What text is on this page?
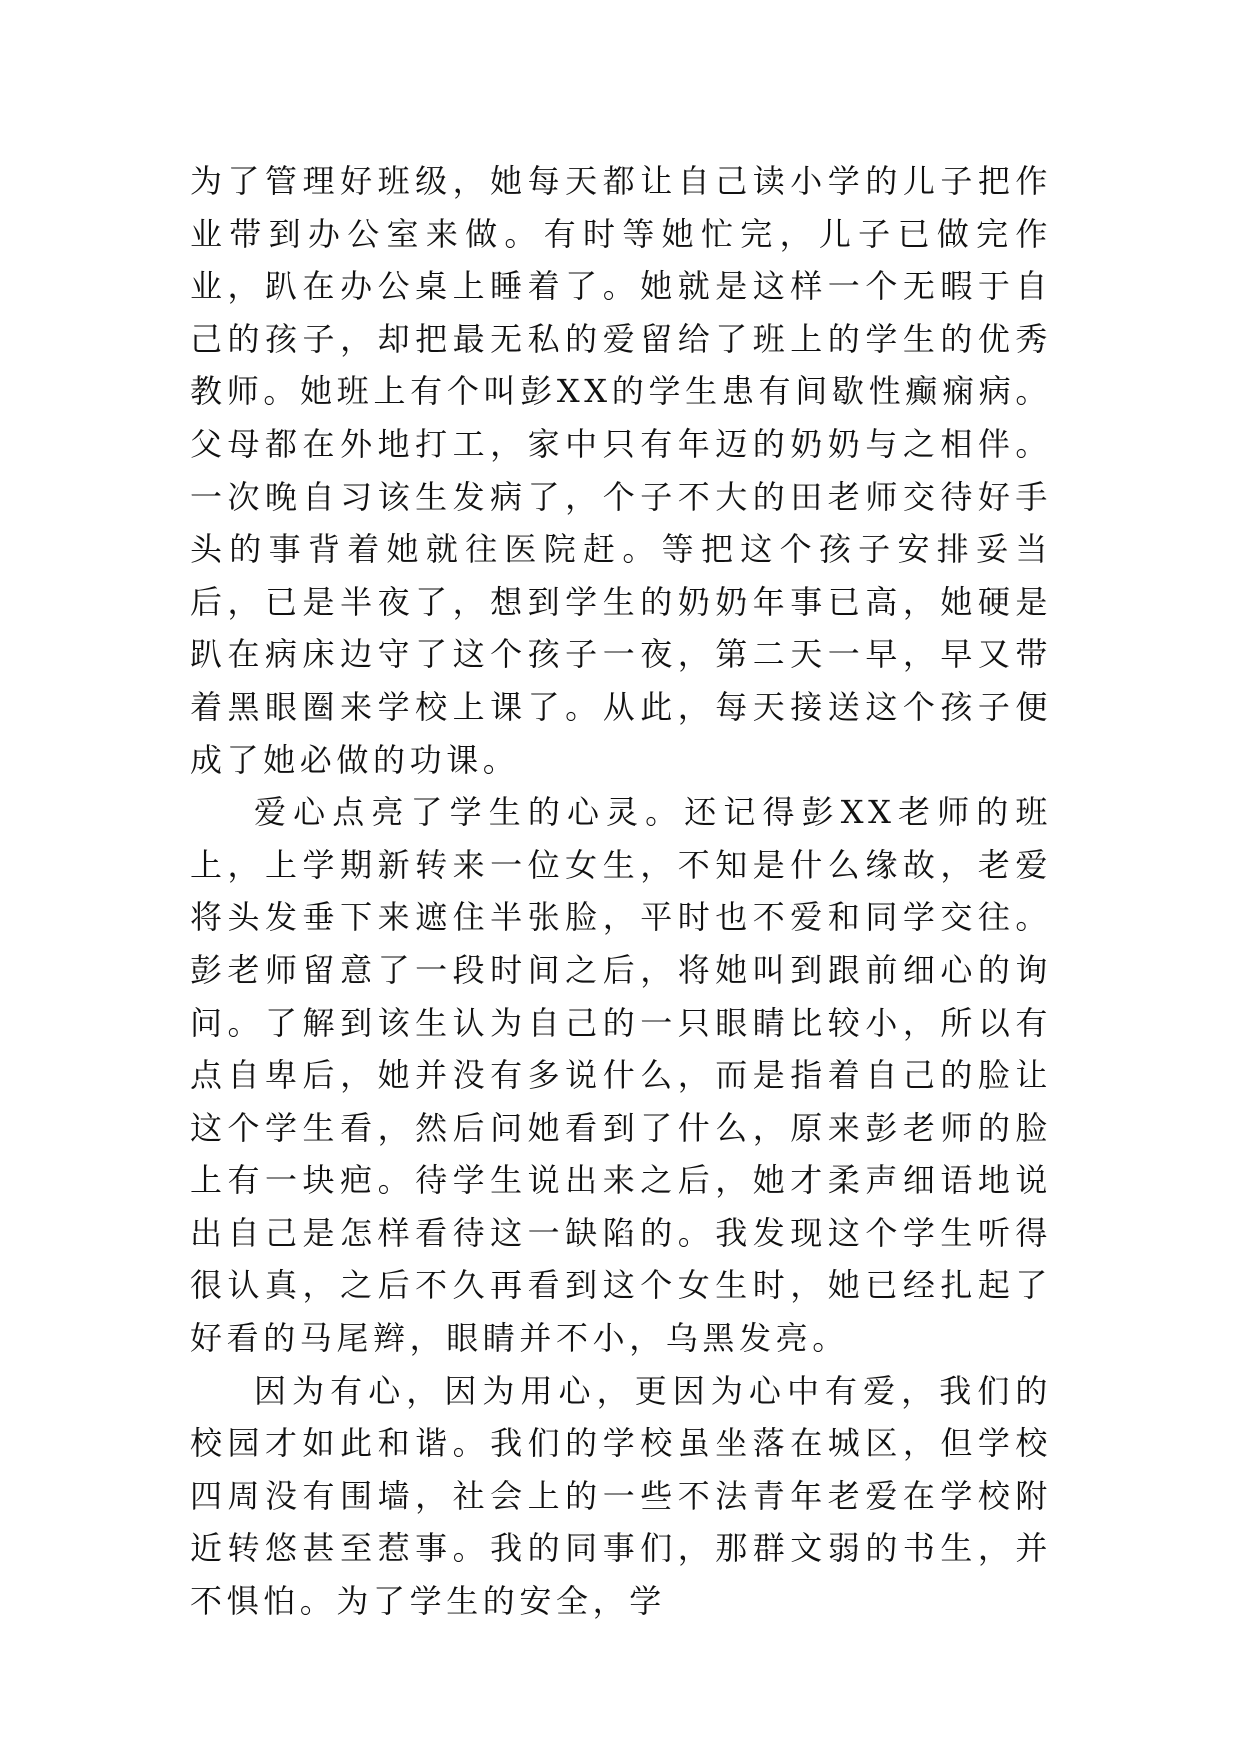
为了管理好班级，她每天都让自己读小学的儿子把作业带到办公室来做。有时等她忙完，儿子已做完作业，趴在办公桌上睡着了。她就是这样一个无暇于自己的孩子，却把最无私的爱留给了班上的学生的优秀教师。她班上有个叫彭XX的学生患有间歇性癫痫病。父母都在外地打工，家中只有年迈的奶奶与之相伴。一次晚自习该生发病了，个子不大的田老师交待好手头的事背着她就往医院赶。等把这个孩子安排妥当后，已是半夜了，想到学生的奶奶年事已高，她硬是趴在病床边守了这个孩子一夜，第二天一早，早又带着黑眼圈来学校上课了。从此，每天接送这个孩子便成了她必做的功课。

爱心点亮了学生的心灵。还记得彭XX老师的班上，上学期新转来一位女生，不知是什么缘故，老爱将头发垂下来遮住半张脸，平时也不爱和同学交往。彭老师留意了一段时间之后，将她叫到跟前细心的询问。了解到该生认为自己的一只眼睛比较小，所以有点自卑后，她并没有多说什么，而是指着自己的脸让这个学生看，然后问她看到了什么，原来彭老师的脸上有一块疤。待学生说出来之后，她才柔声细语地说出自己是怎样看待这一缺陷的。我发现这个学生听得很认真，之后不久再看到这个女生时，她已经扎起了好看的马尾辫，眼睛并不小，乌黑发亮。

因为有心，因为用心，更因为心中有爱，我们的校园才如此和谐。我们的学校虽坐落在城区，但学校四周没有围墙，社会上的一些不法青年老爱在学校附近转悠甚至惹事。我的同事们，那群文弱的书生，并不惧怕。为了学生的安全，学
